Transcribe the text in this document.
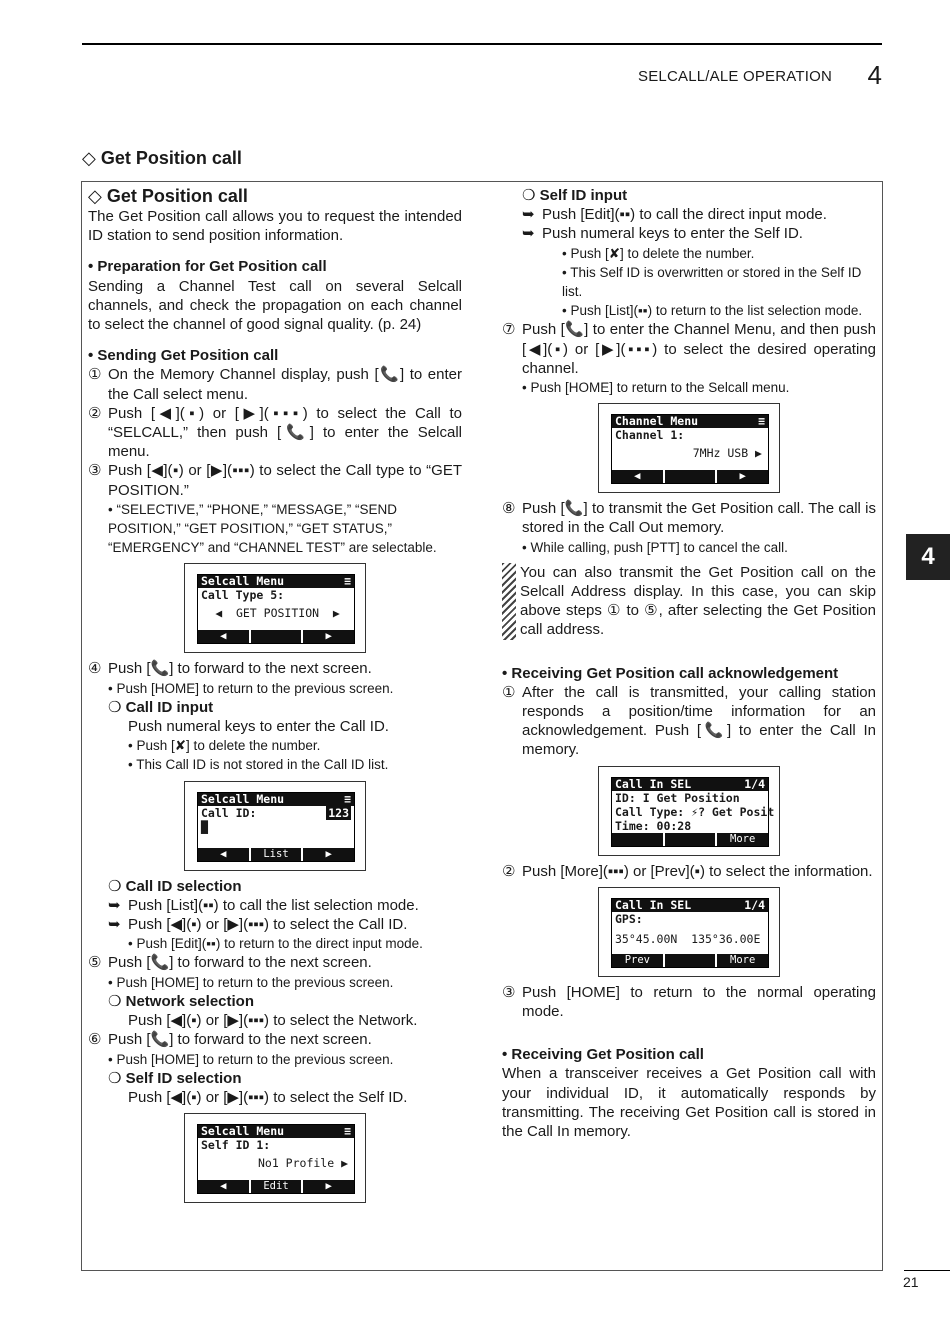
SELCALL/ALE OPERATION 4
◇ Get Position call
4
21

◇ Get Position call

The Get Position call allows you to request the intended ID station to send position information.

• Preparation for Get Position call

Sending a Channel Test call on several Selcall channels, and check the propagation on each channel to select the channel of good signal quality. (p. 24)

• Sending Get Position call

① On the Memory Channel display, push [📞] to enter the Call select menu.
② Push [◀](▪) or [▶](▪▪▪) to select the Call to “SELCALL,” then push [📞] to enter the Selcall menu.
③ Push [◀](▪) or [▶](▪▪▪) to select the Call type to “GET POSITION.”

• “SELECTIVE,” “PHONE,” “MESSAGE,” “SEND POSITION,” “GET POSITION,” “GET STATUS,” “EMERGENCY” and “CHANNEL TEST” are selectable.

Selcall Menu	≡
Call Type 5:
◀  GET POSITION  ▶
◀	▶
④ Push [📞] to forward to the next screen.

• Push [HOME] to return to the previous screen.

❍ Call ID input

Push numeral keys to enter the Call ID.

• Push [✘] to delete the number.

• This Call ID is not stored in the Call ID list.

Selcall Menu	≡
Call ID:	123
█
◀	List	▶

❍ Call ID selection

➥ Push [List](▪▪) to call the list selection mode.
➥ Push [◀](▪) or [▶](▪▪▪) to select the Call ID.

• Push [Edit](▪▪) to return to the direct input mode.

⑤ Push [📞] to forward to the next screen.

• Push [HOME] to return to the previous screen.

❍ Network selection

Push [◀](▪) or [▶](▪▪▪) to select the Network.

⑥ Push [📞] to forward to the next screen.

• Push [HOME] to return to the previous screen.

❍ Self ID selection

Push [◀](▪) or [▶](▪▪▪) to select the Self ID.

Selcall Menu	≡
Self ID 1:
No1 Profile ▶
◀	Edit	▶

❍ Self ID input

➥ Push [Edit](▪▪) to call the direct input mode.
➥ Push numeral keys to enter the Self ID.

• Push [✘] to delete the number.

• This Self ID is overwritten or stored in the Self ID list.

• Push [List](▪▪) to return to the list selection mode.

⑦ Push [📞] to enter the Channel Menu, and then push [◀](▪) or [▶](▪▪▪) to select the desired operating channel.

• Push [HOME] to return to the Selcall menu.

Channel Menu	≡
Channel 1:
7MHz USB ▶
◀	▶
⑧ Push [📞] to transmit the Get Position call. The call is stored in the Call Out memory.

• While calling, push [PTT] to cancel the call.

You can also transmit the Get Position call on the Selcall Address display. In this case, you can skip above steps ① to ⑤, after selecting the Get Position call address.

• Receiving Get Position call acknowledgement

① After the call is transmitted, your calling station responds a position/time information for an acknowledgement. Push [📞] to enter the Call In memory.
Call In SEL	1/4
ID: I Get Position
Call Type: ⚡? Get Posit
Time: 00:28
More
② Push [More](▪▪▪) or [Prev](▪) to select the information.
Call In SEL	1/4
GPS:
35°45.00N  135°36.00E
Prev	More
③ Push [HOME] to return to the normal operating mode.

• Receiving Get Position call

When a transceiver receives a Get Position call with your individual ID, it automatically responds by transmitting. The receiving Get Position call is stored in the Call In memory.
